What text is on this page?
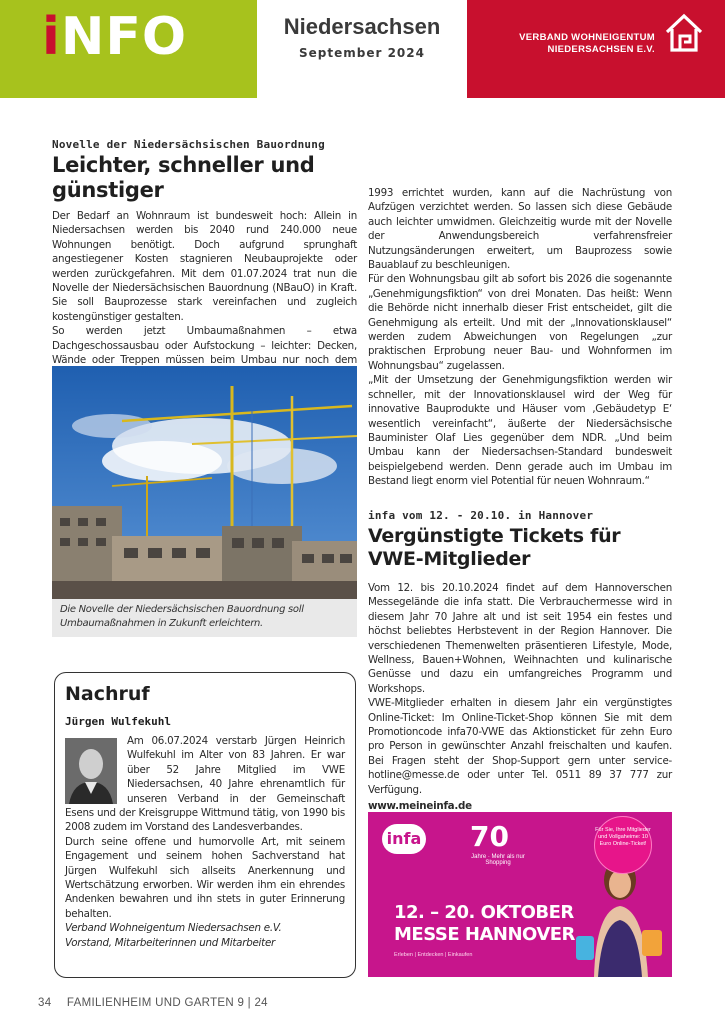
iNFO	Niedersachsen
September 2024
VERBAND WOHNEIGENTUM
NIEDERSACHSEN E.V.
Novelle der Niedersächsischen Bauordnung
Leichter, schneller und günstiger

Der Bedarf an Wohnraum ist bundesweit hoch: Allein in Niedersachsen werden bis 2040 rund 240.000 neue Wohnungen benötigt. Doch aufgrund sprunghaft angestiegener Kosten stagnieren Neubauprojekte oder werden zurückgefahren. Mit dem 01.07.2024 trat nun die Novelle der Niedersächsischen Bauordnung (NBauO) in Kraft. Sie soll Bauprozesse stark vereinfachen und zugleich kostengünstiger gestalten.

So werden jetzt Umbaumaßnahmen – etwa Dachgeschossausbau oder Aufstockung – leichter: Decken, Wände oder Treppen müssen beim Umbau nur noch dem

Die Novelle der Niedersächsischen Bauordnung soll Umbaumaßnahmen in Zukunft erleichtern.

1993 errichtet wurden, kann auf die Nachrüstung von Aufzügen verzichtet werden. So lassen sich diese Gebäude auch leichter umwidmen. Gleichzeitig wurde mit der Novelle der Anwendungsbereich verfahrensfreier Nutzungsänderungen erweitert, um Bauprozess sowie Bauablauf zu beschleunigen.

Für den Wohnungsbau gilt ab sofort bis 2026 die sogenannte „Genehmigungsfiktion“ von drei Monaten. Das heißt: Wenn die Behörde nicht innerhalb dieser Frist entscheidet, gilt die Genehmigung als erteilt. Und mit der „Innovationsklausel“ werden zudem Abweichungen von Regelungen „zur praktischen Erprobung neuer Bau- und Wohnformen im Wohnungsbau“ zugelassen.

„Mit der Umsetzung der Genehmigungsfiktion werden wir schneller, mit der Innovationsklausel wird der Weg für innovative Bauprodukte und Häuser vom ‚Gebäudetyp E‘ wesentlich vereinfacht“, äußerte der Niedersächsische Bauminister Olaf Lies gegenüber dem NDR. „Und beim Umbau kann der Niedersachsen-Standard bundesweit beispielgebend werden. Denn gerade auch im Umbau im Bestand liegt enorm viel Potential für neuen Wohnraum.“

Nachruf
Jürgen Wulfekuhl

Am 06.07.2024 verstarb Jürgen Heinrich Wulfekuhl im Alter von 83 Jahren. Er war über 52 Jahre Mitglied im VWE Niedersachsen, 40 Jahre ehrenamtlich für unseren Verband in der Gemeinschaft Esens und der Kreisgruppe Wittmund tätig, von 1990 bis 2008 zudem im Vorstand des Landesverbandes.

Durch seine offene und humorvolle Art, mit seinem Engagement und seinem hohen Sachverstand hat Jürgen Wulfekuhl sich allseits Anerkennung und Wertschätzung erworben. Wir werden ihm ein ehrendes Andenken bewahren und ihn stets in guter Erinnerung behalten.

Verband Wohneigentum Niedersachsen e.V.

Vorstand, Mitarbeiterinnen und Mitarbeiter

infa vom 12. - 20.10. in Hannover
Vergünstigte Tickets für VWE-Mitglieder

Vom 12. bis 20.10.2024 findet auf dem Hannoverschen Messegelände die infa statt. Die Verbrauchermesse wird in diesem Jahr 70 Jahre alt und ist seit 1954 ein festes und höchst beliebtes Herbstevent in der Region Hannover. Die verschiedenen Themenwelten präsentieren Lifestyle, Mode, Wellness, Bauen+Wohnen, Weihnachten und kulinarische Genüsse und dazu ein umfangreiches Programm und Workshops.

VWE-Mitglieder erhalten in diesem Jahr ein vergünstigtes Online-Ticket: Im Online-Ticket-Shop können Sie mit dem Promotioncode infa70-VWE das Aktionsticket für zehn Euro pro Person in gewünschter Anzahl freischalten und kaufen. Bei Fragen steht der Shop-Support gern unter service-hotline@messe.de oder unter Tel. 0511 89 37 777 zur Verfügung.

www.meineinfa.de

infa 70
Jahre · Mehr als nur Shopping
Für Sie, Ihre Mitglieder und Vollgaheime: 10 Euro Online-Ticket!
12. – 20. OKTOBER
MESSE HANNOVER
Erleben | Entdecken | Einkaufen
34 FAMILIENHEIM UND GARTEN 9 | 24
